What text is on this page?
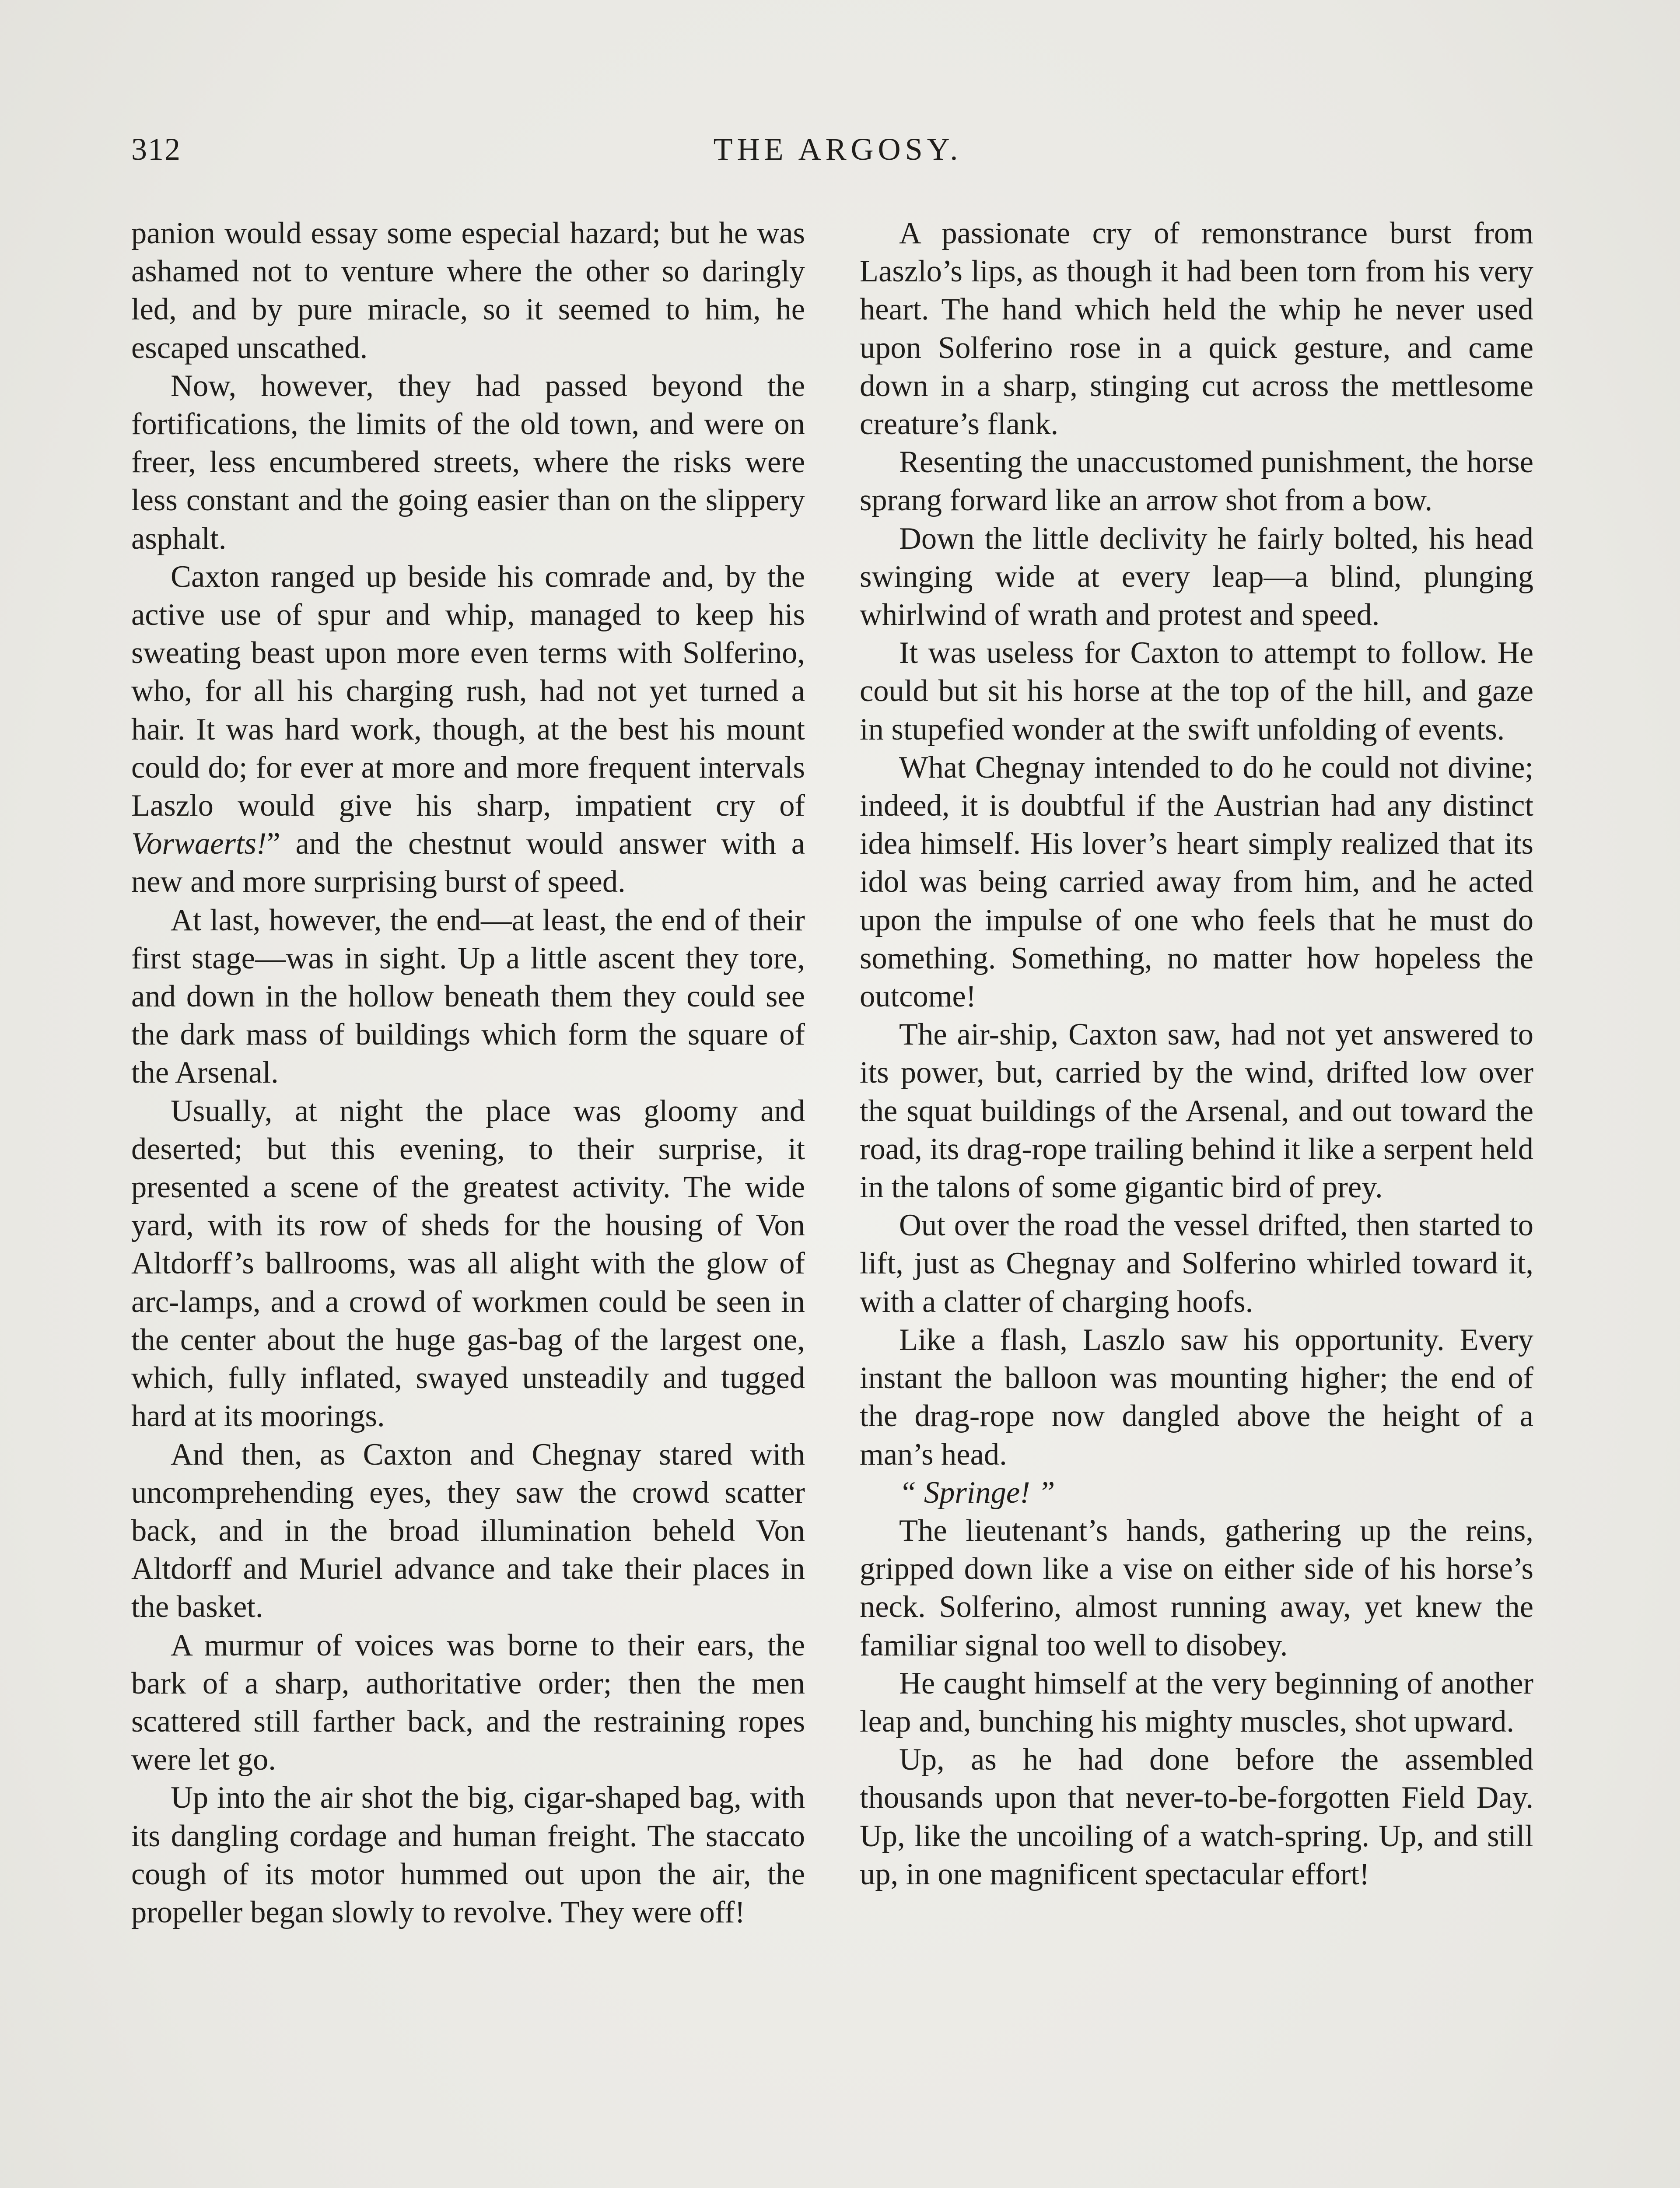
312	THE ARGOSY.

panion would essay some especial hazard; but he was ashamed not to venture where the other so daringly led, and by pure miracle, so it seemed to him, he escaped unscathed.

Now, however, they had passed beyond the fortifications, the limits of the old town, and were on freer, less encumbered streets, where the risks were less constant and the going easier than on the slippery asphalt.

Caxton ranged up beside his comrade and, by the active use of spur and whip, managed to keep his sweating beast upon more even terms with Solferino, who, for all his charging rush, had not yet turned a hair. It was hard work, though, at the best his mount could do; for ever at more and more frequent intervals Laszlo would give his sharp, impatient cry of Vorwaerts!” and the chestnut would answer with a new and more surprising burst of speed.

At last, however, the end—at least, the end of their first stage—was in sight. Up a little ascent they tore, and down in the hollow beneath them they could see the dark mass of buildings which form the square of the Arsenal.

Usually, at night the place was gloomy and deserted; but this evening, to their surprise, it presented a scene of the greatest activity. The wide yard, with its row of sheds for the housing of Von Altdorff’s ballrooms, was all alight with the glow of arc-lamps, and a crowd of workmen could be seen in the center about the huge gas-bag of the largest one, which, fully inflated, swayed unsteadily and tugged hard at its moorings.

And then, as Caxton and Chegnay stared with uncomprehending eyes, they saw the crowd scatter back, and in the broad illumination beheld Von Altdorff and Muriel advance and take their places in the basket.

A murmur of voices was borne to their ears, the bark of a sharp, authoritative order; then the men scattered still farther back, and the restraining ropes were let go.

Up into the air shot the big, cigar-shaped bag, with its dangling cordage and human freight. The staccato cough of its motor hummed out upon the air, the propeller began slowly to revolve. They were off!

A passionate cry of remonstrance burst from Laszlo’s lips, as though it had been torn from his very heart. The hand which held the whip he never used upon Solferino rose in a quick gesture, and came down in a sharp, stinging cut across the mettlesome creature’s flank.

Resenting the unaccustomed punishment, the horse sprang forward like an arrow shot from a bow.

Down the little declivity he fairly bolted, his head swinging wide at every leap—a blind, plunging whirlwind of wrath and protest and speed.

It was useless for Caxton to attempt to follow. He could but sit his horse at the top of the hill, and gaze in stupefied wonder at the swift unfolding of events.

What Chegnay intended to do he could not divine; indeed, it is doubtful if the Austrian had any distinct idea himself. His lover’s heart simply realized that its idol was being carried away from him, and he acted upon the impulse of one who feels that he must do something. Something, no matter how hopeless the outcome!

The air-ship, Caxton saw, had not yet answered to its power, but, carried by the wind, drifted low over the squat buildings of the Arsenal, and out toward the road, its drag-rope trailing behind it like a serpent held in the talons of some gigantic bird of prey.

Out over the road the vessel drifted, then started to lift, just as Chegnay and Solferino whirled toward it, with a clatter of charging hoofs.

Like a flash, Laszlo saw his opportunity. Every instant the balloon was mounting higher; the end of the drag-rope now dangled above the height of a man’s head.

“ Springe! ”

The lieutenant’s hands, gathering up the reins, gripped down like a vise on either side of his horse’s neck. Solferino, almost running away, yet knew the familiar signal too well to disobey.

He caught himself at the very beginning of another leap and, bunching his mighty muscles, shot upward.

Up, as he had done before the assembled thousands upon that never-to-be-forgotten Field Day. Up, like the uncoiling of a watch-spring. Up, and still up, in one magnificent spectacular effort!
